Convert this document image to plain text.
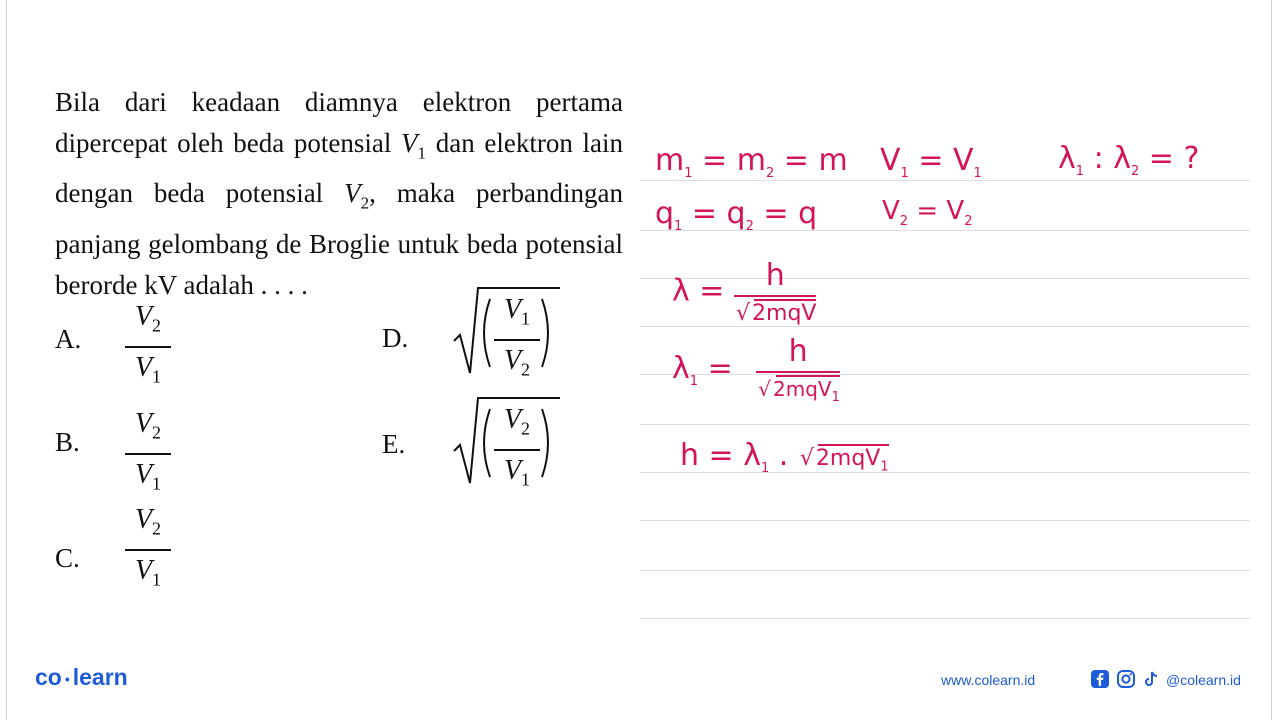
Bila dari keadaan diamnya elektron pertama dipercepat oleh beda potensial $V_1$ dan elektron lain dengan beda potensial $V_2$, maka perbandingan panjang gelombang de Broglie untuk beda potensial berorde kV adalah . . . .
A.
$V_2$
$V_1$
B.
$V_2$
$V_1$
C.
$V_2$
$V_1$
D.
$V_1$
$V_2$
E.
$V_2$
$V_1$
$m_1 = m_2 = m$ $V_1 = V_1$	$\lambda_1$ : $\lambda_2$ = ?
$q_1 = q_2 = q$ $V_2 = V_2$
λ = h
√ 2mqV
$\lambda_1 = h$
√ 2mqV$_1$
$h = \lambda_1$ . √ 2mqV$_1$
co • learn	www.colearn.id	@colearn.id
